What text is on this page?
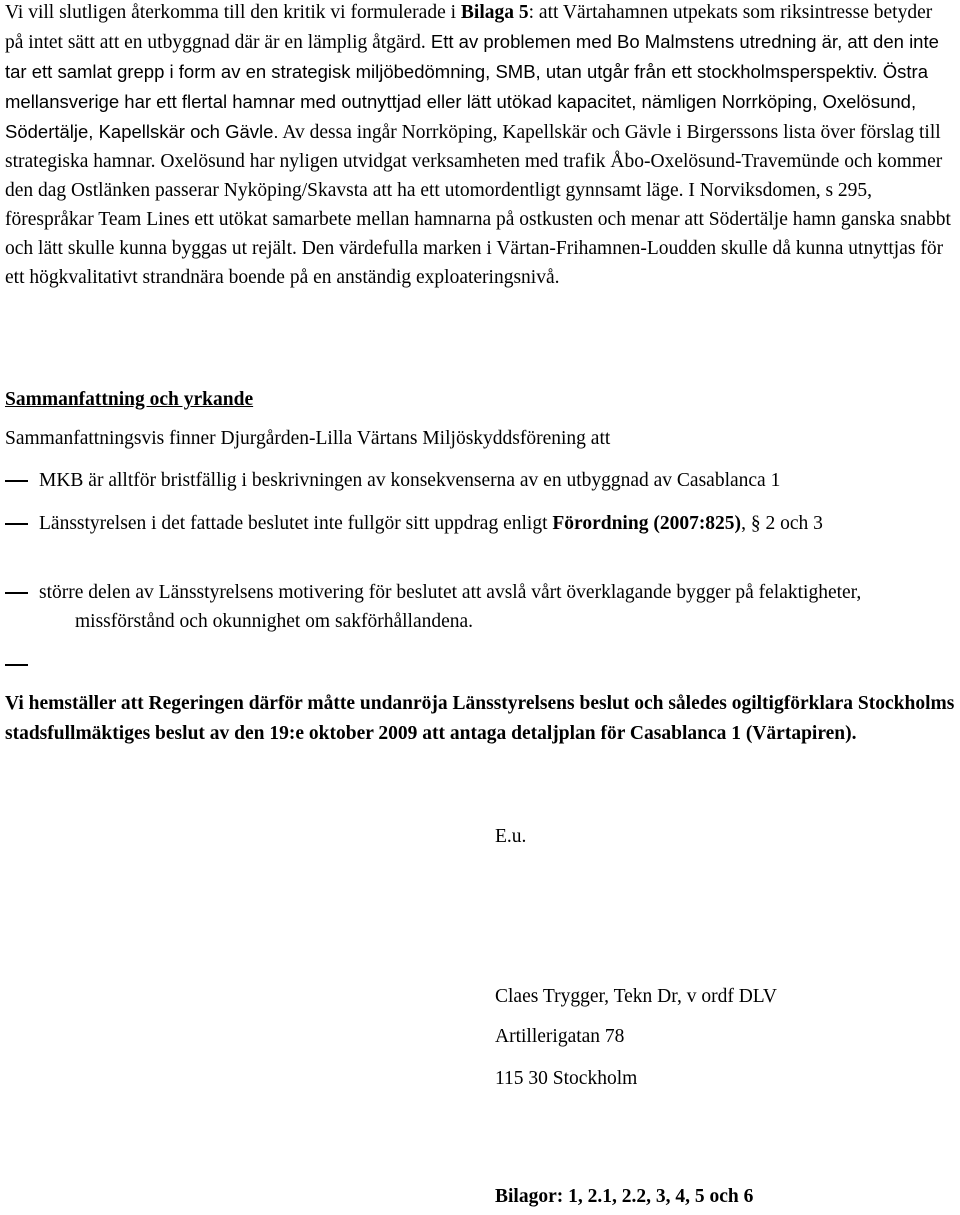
Vi vill slutligen återkomma till den kritik vi formulerade i Bilaga 5: att Värtahamnen utpekats som riksintresse betyder på intet sätt att en utbyggnad där är en lämplig åtgärd. Ett av problemen med Bo Malmstens utredning är, att den inte tar ett samlat grepp i form av en strategisk miljöbedömning, SMB, utan utgår från ett stockholmsperspektiv. Östra mellansverige har ett flertal hamnar med outnyttjad eller lätt utökad kapacitet, nämligen Norrköping, Oxelösund, Södertälje, Kapellskär och Gävle. Av dessa ingår Norrköping, Kapellskär och Gävle i Birgerssons lista över förslag till strategiska hamnar. Oxelösund har nyligen utvidgat verksamheten med trafik Åbo-Oxelösund-Travemünde och kommer den dag Ostlänken passerar Nyköping/Skavsta att ha ett utomordentligt gynnsamt läge. I Norviksdomen, s 295, förespråkar Team Lines ett utökat samarbete mellan hamnarna på ostkusten och menar att Södertälje hamn ganska snabbt och lätt skulle kunna byggas ut rejält. Den värdefulla marken i Värtan-Frihamnen-Loudden skulle då kunna utnyttjas för ett högkvalitativt strandnära boende på en anständig exploateringsnivå.
Sammanfattning och yrkande
Sammanfattningsvis finner Djurgården-Lilla Värtans Miljöskyddsförening att
MKB är alltför bristfällig i beskrivningen av konsekvenserna av en utbyggnad av Casablanca 1
Länsstyrelsen i det fattade beslutet inte fullgör sitt uppdrag enligt Förordning (2007:825), § 2 och 3
större delen av Länsstyrelsens motivering för beslutet att avslå vårt överklagande bygger på felaktigheter, missförstånd och okunnighet om sakförhållandena.
Vi hemställer att Regeringen därför måtte undanröja Länsstyrelsens beslut och således ogiltigförklara Stockholms stadsfullmäktiges beslut av den 19:e oktober 2009 att antaga detaljplan för Casablanca 1 (Värtapiren).
E.u.
Claes Trygger, Tekn Dr, v ordf DLV
Artillerigatan 78
115 30 Stockholm
Bilagor: 1, 2.1, 2.2, 3, 4, 5 och 6
